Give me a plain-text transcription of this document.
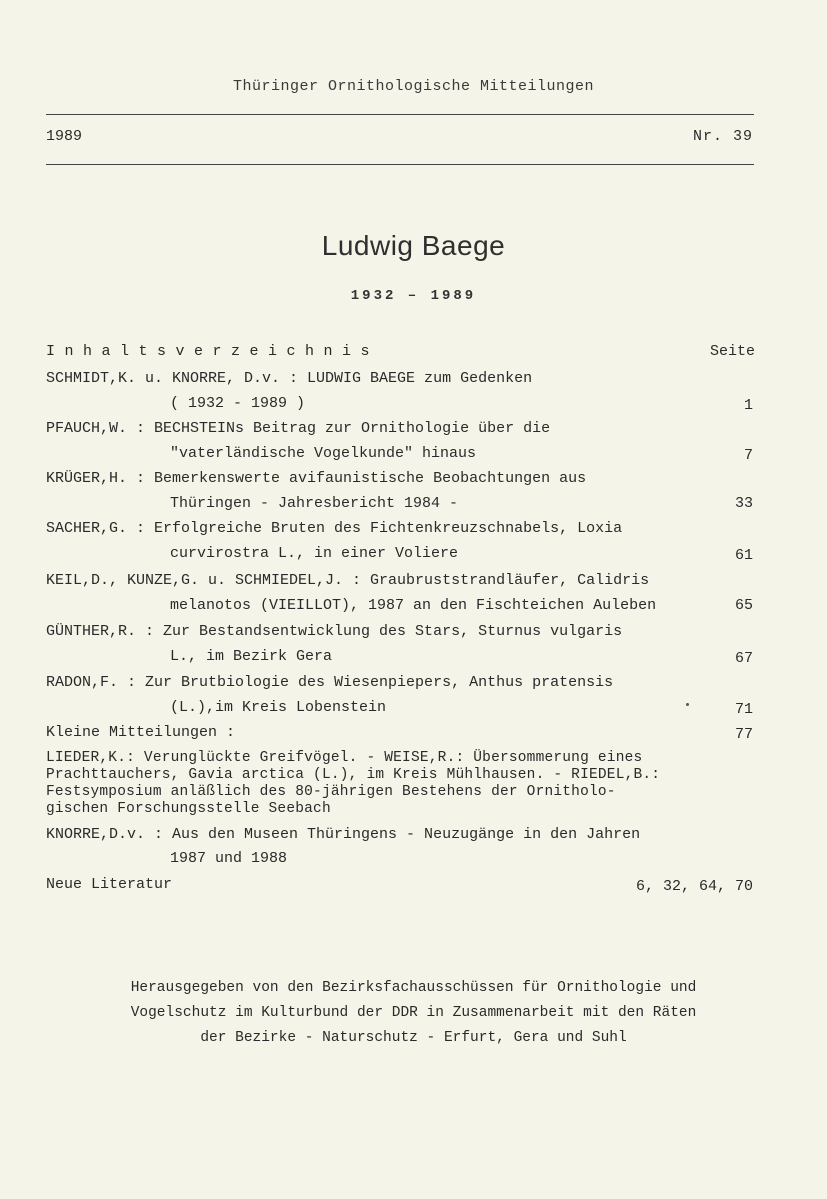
Thüringer Ornithologische Mitteilungen
1989	Nr. 39
Ludwig Baege
1932 – 1989
Inhaltsverzeichnis	Seite
SCHMIDT,K. u. KNORRE, D.v. : LUDWIG BAEGE zum Gedenken
( 1932 - 1989 )	1
PFAUCH,W. : BECHSTEINs Beitrag zur Ornithologie über die
"vaterländische Vogelkunde" hinaus	7
KRÜGER,H. : Bemerkenswerte avifaunistische Beobachtungen aus
Thüringen - Jahresbericht 1984 -	33
SACHER,G. : Erfolgreiche Bruten des Fichtenkreuzschnabels, Loxia
curvirostra L., in einer Voliere	61
KEIL,D., KUNZE,G. u. SCHMIEDEL,J. : Graubruststrandläufer, Calidris
melanotos (VIEILLOT), 1987 an den Fischteichen Auleben	65
GÜNTHER,R. : Zur Bestandsentwicklung des Stars, Sturnus vulgaris
L., im Bezirk Gera	67
RADON,F. : Zur Brutbiologie des Wiesenpiepers, Anthus pratensis
(L.),im Kreis Lobenstein	71
Kleine Mitteilungen :	77
LIEDER,K.: Verunglückte Greifvögel. - WEISE,R.: Übersommerung eines
Prachttauchers, Gavia arctica (L.), im Kreis Mühlhausen. - RIEDEL,B.:
Festsymposium anläßlich des 80-jährigen Bestehens der Ornitholo-
gischen Forschungsstelle Seebach
KNORRE,D.v. : Aus den Museen Thüringens - Neuzugänge in den Jahren
1987 und 1988
Neue Literatur	6, 32, 64, 70
Herausgegeben von den Bezirksfachausschüssen für Ornithologie und
Vogelschutz im Kulturbund der DDR in Zusammenarbeit mit den Räten
der Bezirke - Naturschutz - Erfurt, Gera und Suhl
